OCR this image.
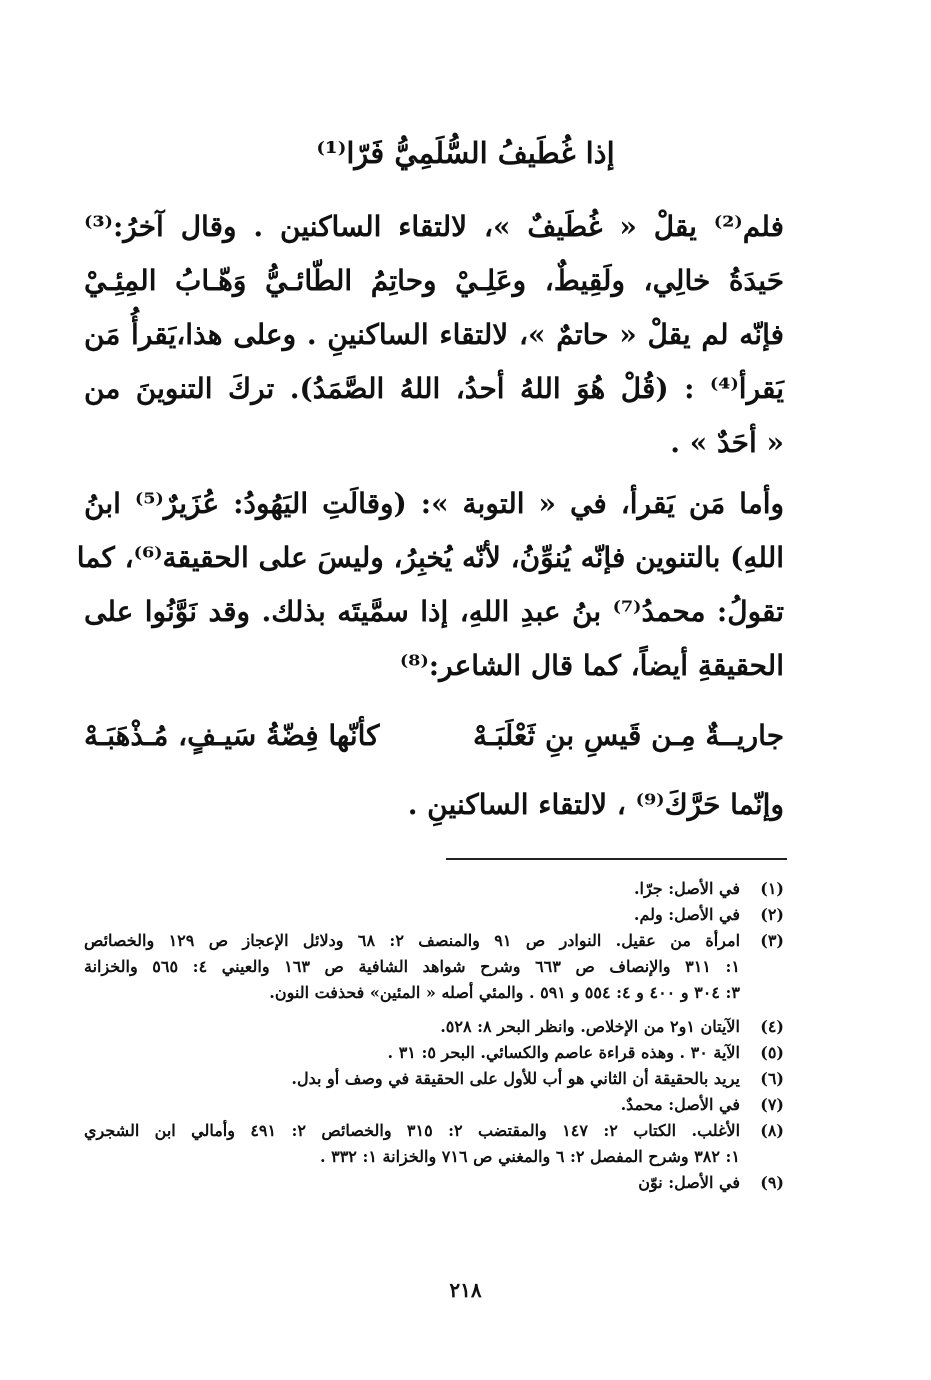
إذا غُطَيفُ السُّلَمِيُّ فَرّا⁽¹⁾
فلم⁽²⁾ يقلْ « غُطَيفٌ »، لالتقاء الساكنين . وقال آخرُ:⁽³⁾
حَيدَةُ خالِي، ولَقِيطٌ، وعَلِـيْ وحاتِمُ الطّائـيُّ وَهّـابُ المِئِـيْ
فإنّه لم يقلْ « حاتمٌ »، لالتقاء الساكنينِ . وعلى هذا،يَقرأُ مَن
يَقرأ⁽⁴⁾ : (قُلْ هُوَ اللهُ أحدُ، اللهُ الصَّمَدُ). تركَ التنوينَ من
« أحَدٌ » .
وأما مَن يَقرأ، في « التوبة »: (وقالَتِ اليَهُودُ: عُزَيرٌ⁽⁵⁾ ابنُ
اللهِ) بالتنوين فإنّه يُنوِّنُ، لأنّه يُخبِرُ، وليسَ على الحقيقة⁽⁶⁾، كما
تقولُ: محمدُ⁽⁷⁾ بنُ عبدِ اللهِ، إذا سمَّيتَه بذلك. وقد نَوَّنُوا على
الحقيقةِ أيضاً، كما قال الشاعر:⁽⁸⁾
جاريــةٌ مِـن قَيسِ بنِ ثَعْلَبَـهْ
كأنّها فِضّةُ سَيـفٍ، مُـذْهَبَـهْ
وإنّما حَرَّكَ⁽⁹⁾ ، لالتقاء الساكنينِ .
(١)
في الأصل: جرّا.
(٢)
في الأصل: ولم.
(٣)
امرأة من عقيل. النوادر ص ٩١ والمنصف ٢: ٦٨ ودلائل الإعجاز ص ١٢٩ والخصائص
١: ٣١١ والإنصاف ص ٦٦٣ وشرح شواهد الشافية ص ١٦٣ والعيني ٤: ٥٦٥ والخزانة
٣: ٣٠٤ و ٤٠٠ و ٤: ٥٥٤ و ٥٩١ . والمئي أصله « المئين» فحذفت النون.
(٤)
الآيتان ١و٢ من الإخلاص. وانظر البحر ٨: ٥٢٨.
(٥)
الآية ٣٠ . وهذه قراءة عاصم والكسائي. البحر ٥: ٣١ .
(٦)
يريد بالحقيقة أن الثاني هو أب للأول على الحقيقة في وصف أو بدل.
(٧)
في الأصل: محمدٌ.
(٨)
الأغلب. الكتاب ٢: ١٤٧ والمقتضب ٢: ٣١٥ والخصائص ٢: ٤٩١ وأمالي ابن الشجري
١: ٣٨٢ وشرح المفصل ٢: ٦ والمغني ص ٧١٦ والخزانة ١: ٣٣٢ .
(٩)
في الأصل: نوّن
٢١٨
